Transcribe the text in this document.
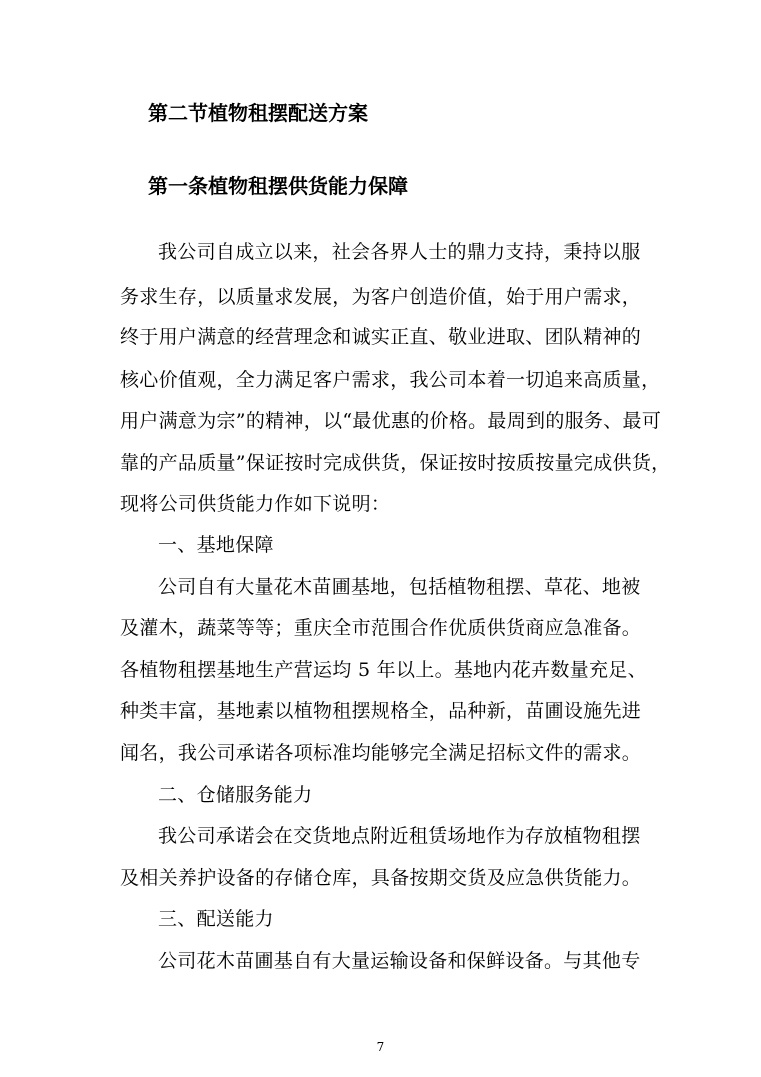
第二节植物租摆配送方案
第一条植物租摆供货能力保障
我公司自成立以来，社会各界人士的鼎力支持，秉持以服
务求生存，以质量求发展，为客户创造价值，始于用户需求，
终于用户满意的经营理念和诚实正直、敬业进取、团队精神的
核心价值观，全力满足客户需求，我公司本着一切追来高质量，
用户满意为宗”的精神，以“最优惠的价格。最周到的服务、最可
靠的产品质量”保证按时完成供货，保证按时按质按量完成供货，
现将公司供货能力作如下说明：
一、基地保障
公司自有大量花木苗圃基地，包括植物租摆、草花、地被
及灌木，蔬菜等等；重庆全市范围合作优质供货商应急准备。
各植物租摆基地生产营运均 5 年以上。基地内花卉数量充足、
种类丰富，基地素以植物租摆规格全，品种新，苗圃设施先进
闻名，我公司承诺各项标准均能够完全满足招标文件的需求。
二、仓储服务能力
我公司承诺会在交货地点附近租赁场地作为存放植物租摆
及相关养护设备的存储仓库，具备按期交货及应急供货能力。
三、配送能力
公司花木苗圃基自有大量运输设备和保鲜设备。与其他专
7
